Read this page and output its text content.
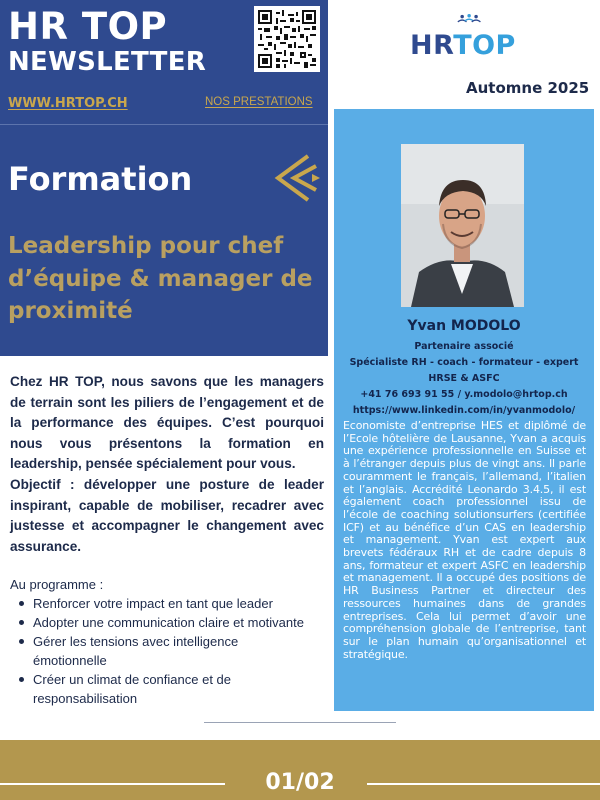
HR TOP
NEWSLETTER
WWW.HRTOP.CH	NOS PRESTATIONS
Formation
Leadership pour chef d’équipe & manager de proximité
HRTOP
Automne 2025
Yvan MODOLO
Partenaire associé
Spécialiste RH - coach - formateur - expert
HRSE & ASFC
+41 76 693 91 55 / y.modolo@hrtop.ch
https://www.linkedin.com/in/yvanmodolo/
Economiste d’entreprise HES et diplômé de l’Ecole hôtelière de Lausanne, Yvan a acquis une expérience professionnelle en Suisse et à l’étranger depuis plus de vingt ans. Il parle couramment le français, l’allemand, l’italien et l’anglais. Accrédité Leonardo 3.4.5, il est également coach professionnel issu de l’école de coaching solutionsurfers (certifiée ICF) et au bénéfice d’un CAS en leadership et management. Yvan est expert aux brevets fédéraux RH et de cadre depuis 8 ans, formateur et expert ASFC en leadership et management. Il a occupé des positions de HR Business Partner et directeur des ressources humaines dans de grandes entreprises. Cela lui permet d’avoir une compréhension globale de l’entreprise, tant sur le plan humain qu’organisationnel et stratégique.
Chez HR TOP, nous savons que les managers de terrain sont les piliers de l’engagement et de la performance des équipes. C’est pourquoi nous vous présentons la formation en leadership, pensée spécialement pour vous.
Objectif : développer une posture de leader inspirant, capable de mobiliser, recadrer avec justesse et accompagner le changement avec assurance.
Au programme :
Renforcer votre impact en tant que leader
Adopter une communication claire et motivante
Gérer les tensions avec intelligence émotionnelle
Créer un climat de confiance et de responsabilisation
01/02
